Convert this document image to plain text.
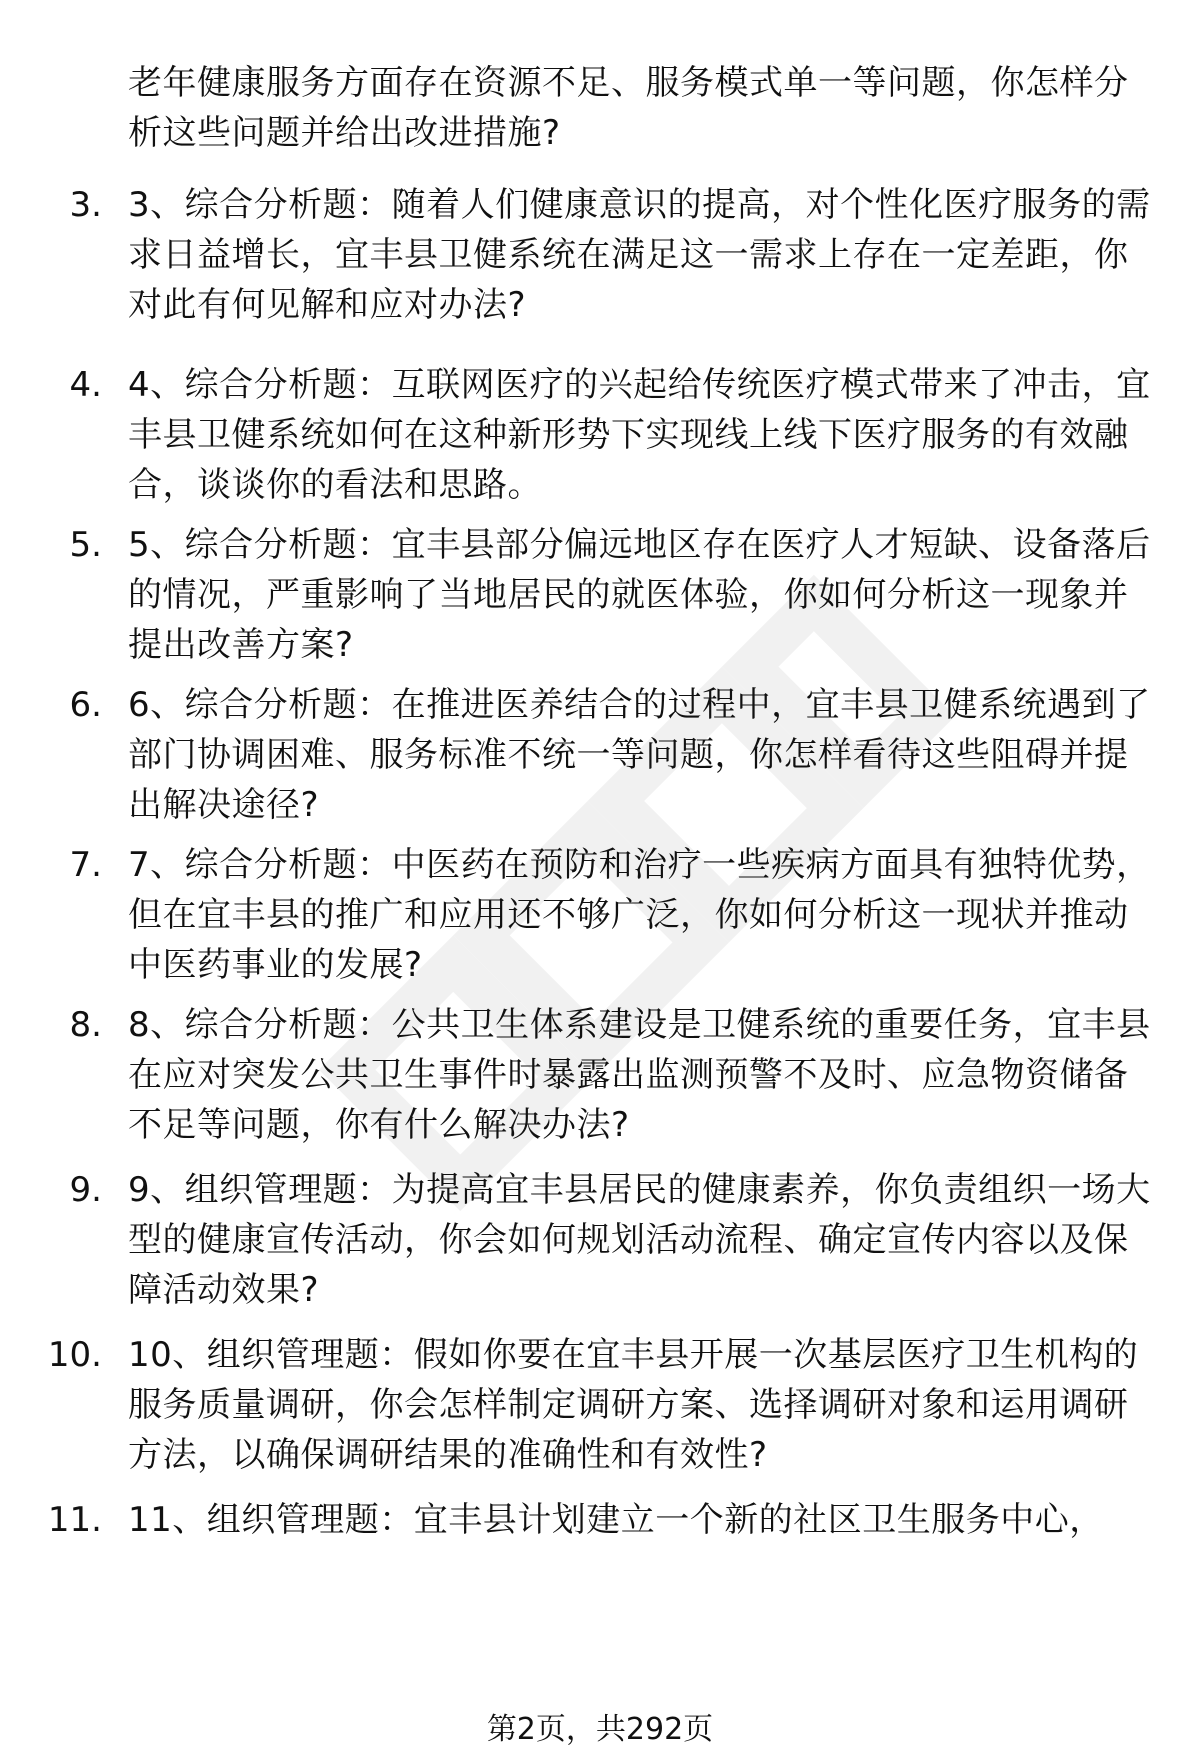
老年健康服务方面存在资源不足、服务模式单一等问题，你怎样分析这些问题并给出改进措施?
3. 3、综合分析题：随着人们健康意识的提高，对个性化医疗服务的需求日益增长，宜丰县卫健系统在满足这一需求上存在一定差距，你对此有何见解和应对办法?
4. 4、综合分析题：互联网医疗的兴起给传统医疗模式带来了冲击，宜丰县卫健系统如何在这种新形势下实现线上线下医疗服务的有效融合，谈谈你的看法和思路。
5. 5、综合分析题：宜丰县部分偏远地区存在医疗人才短缺、设备落后的情况，严重影响了当地居民的就医体验，你如何分析这一现象并提出改善方案?
6. 6、综合分析题：在推进医养结合的过程中，宜丰县卫健系统遇到了部门协调困难、服务标准不统一等问题，你怎样看待这些阻碍并提出解决途径?
7. 7、综合分析题：中医药在预防和治疗一些疾病方面具有独特优势，但在宜丰县的推广和应用还不够广泛，你如何分析这一现状并推动中医药事业的发展?
8. 8、综合分析题：公共卫生体系建设是卫健系统的重要任务，宜丰县在应对突发公共卫生事件时暴露出监测预警不及时、应急物资储备不足等问题，你有什么解决办法?
9. 9、组织管理题：为提高宜丰县居民的健康素养，你负责组织一场大型的健康宣传活动，你会如何规划活动流程、确定宣传内容以及保障活动效果?
10. 10、组织管理题：假如你要在宜丰县开展一次基层医疗卫生机构的服务质量调研，你会怎样制定调研方案、选择调研对象和运用调研方法，以确保调研结果的准确性和有效性?
11. 11、组织管理题：宜丰县计划建立一个新的社区卫生服务中心，
第2页，共292页
